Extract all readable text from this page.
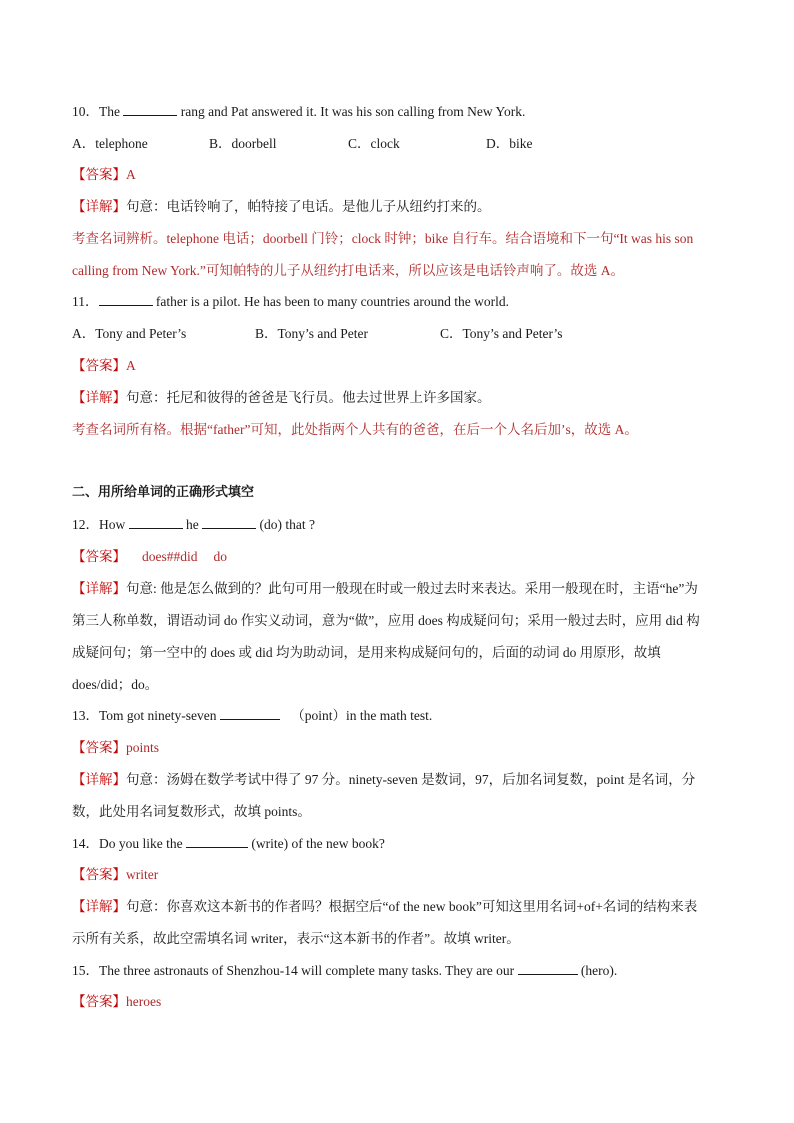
10．The	rang and Pat answered it. It was his son calling from New York.
A．telephone	B．doorbell	C．clock	D．bike
【答案】A
【详解】句意：电话铃响了，帕特接了电话。是他儿子从纽约打来的。
考查名词辨析。telephone 电话；doorbell 门铃；clock 时钟；bike 自行车。结合语境和下一句“It was his son
calling from New York.”可知帕特的儿子从纽约打电话来，所以应该是电话铃声响了。故选 A。
11．	father is a pilot. He has been to many countries around the world.
A．Tony and Peter’s	B．Tony’s and Peter	C．Tony’s and Peter’s
【答案】A
【详解】句意：托尼和彼得的爸爸是飞行员。他去过世界上许多国家。
考查名词所有格。根据“father”可知，此处指两个人共有的爸爸，在后一个人名后加’s，故选 A。
二、用所给单词的正确形式填空
12．How	he	(do) that ?
【答案】 does##did do
【详解】句意: 他是怎么做到的？此句可用一般现在时或一般过去时来表达。采用一般现在时，主语“he”为
第三人称单数，谓语动词 do 作实义动词，意为“做”，应用 does 构成疑问句；采用一般过去时，应用 did 构
成疑问句；第一空中的 does 或 did 均为助动词，是用来构成疑问句的，后面的动词 do 用原形，故填
does/did；do。
13．Tom got ninety-seven	（point）in the math test.
【答案】points
【详解】句意：汤姆在数学考试中得了 97 分。ninety-seven 是数词，97，后加名词复数，point 是名词，分
数，此处用名词复数形式，故填 points。
14．Do you like the	(write) of the new book?
【答案】writer
【详解】句意：你喜欢这本新书的作者吗？根据空后“of the new book”可知这里用名词+of+名词的结构来表
示所有关系，故此空需填名词 writer，表示“这本新书的作者”。故填 writer。
15．The three astronauts of Shenzhou-14 will complete many tasks. They are our	(hero).
【答案】heroes
